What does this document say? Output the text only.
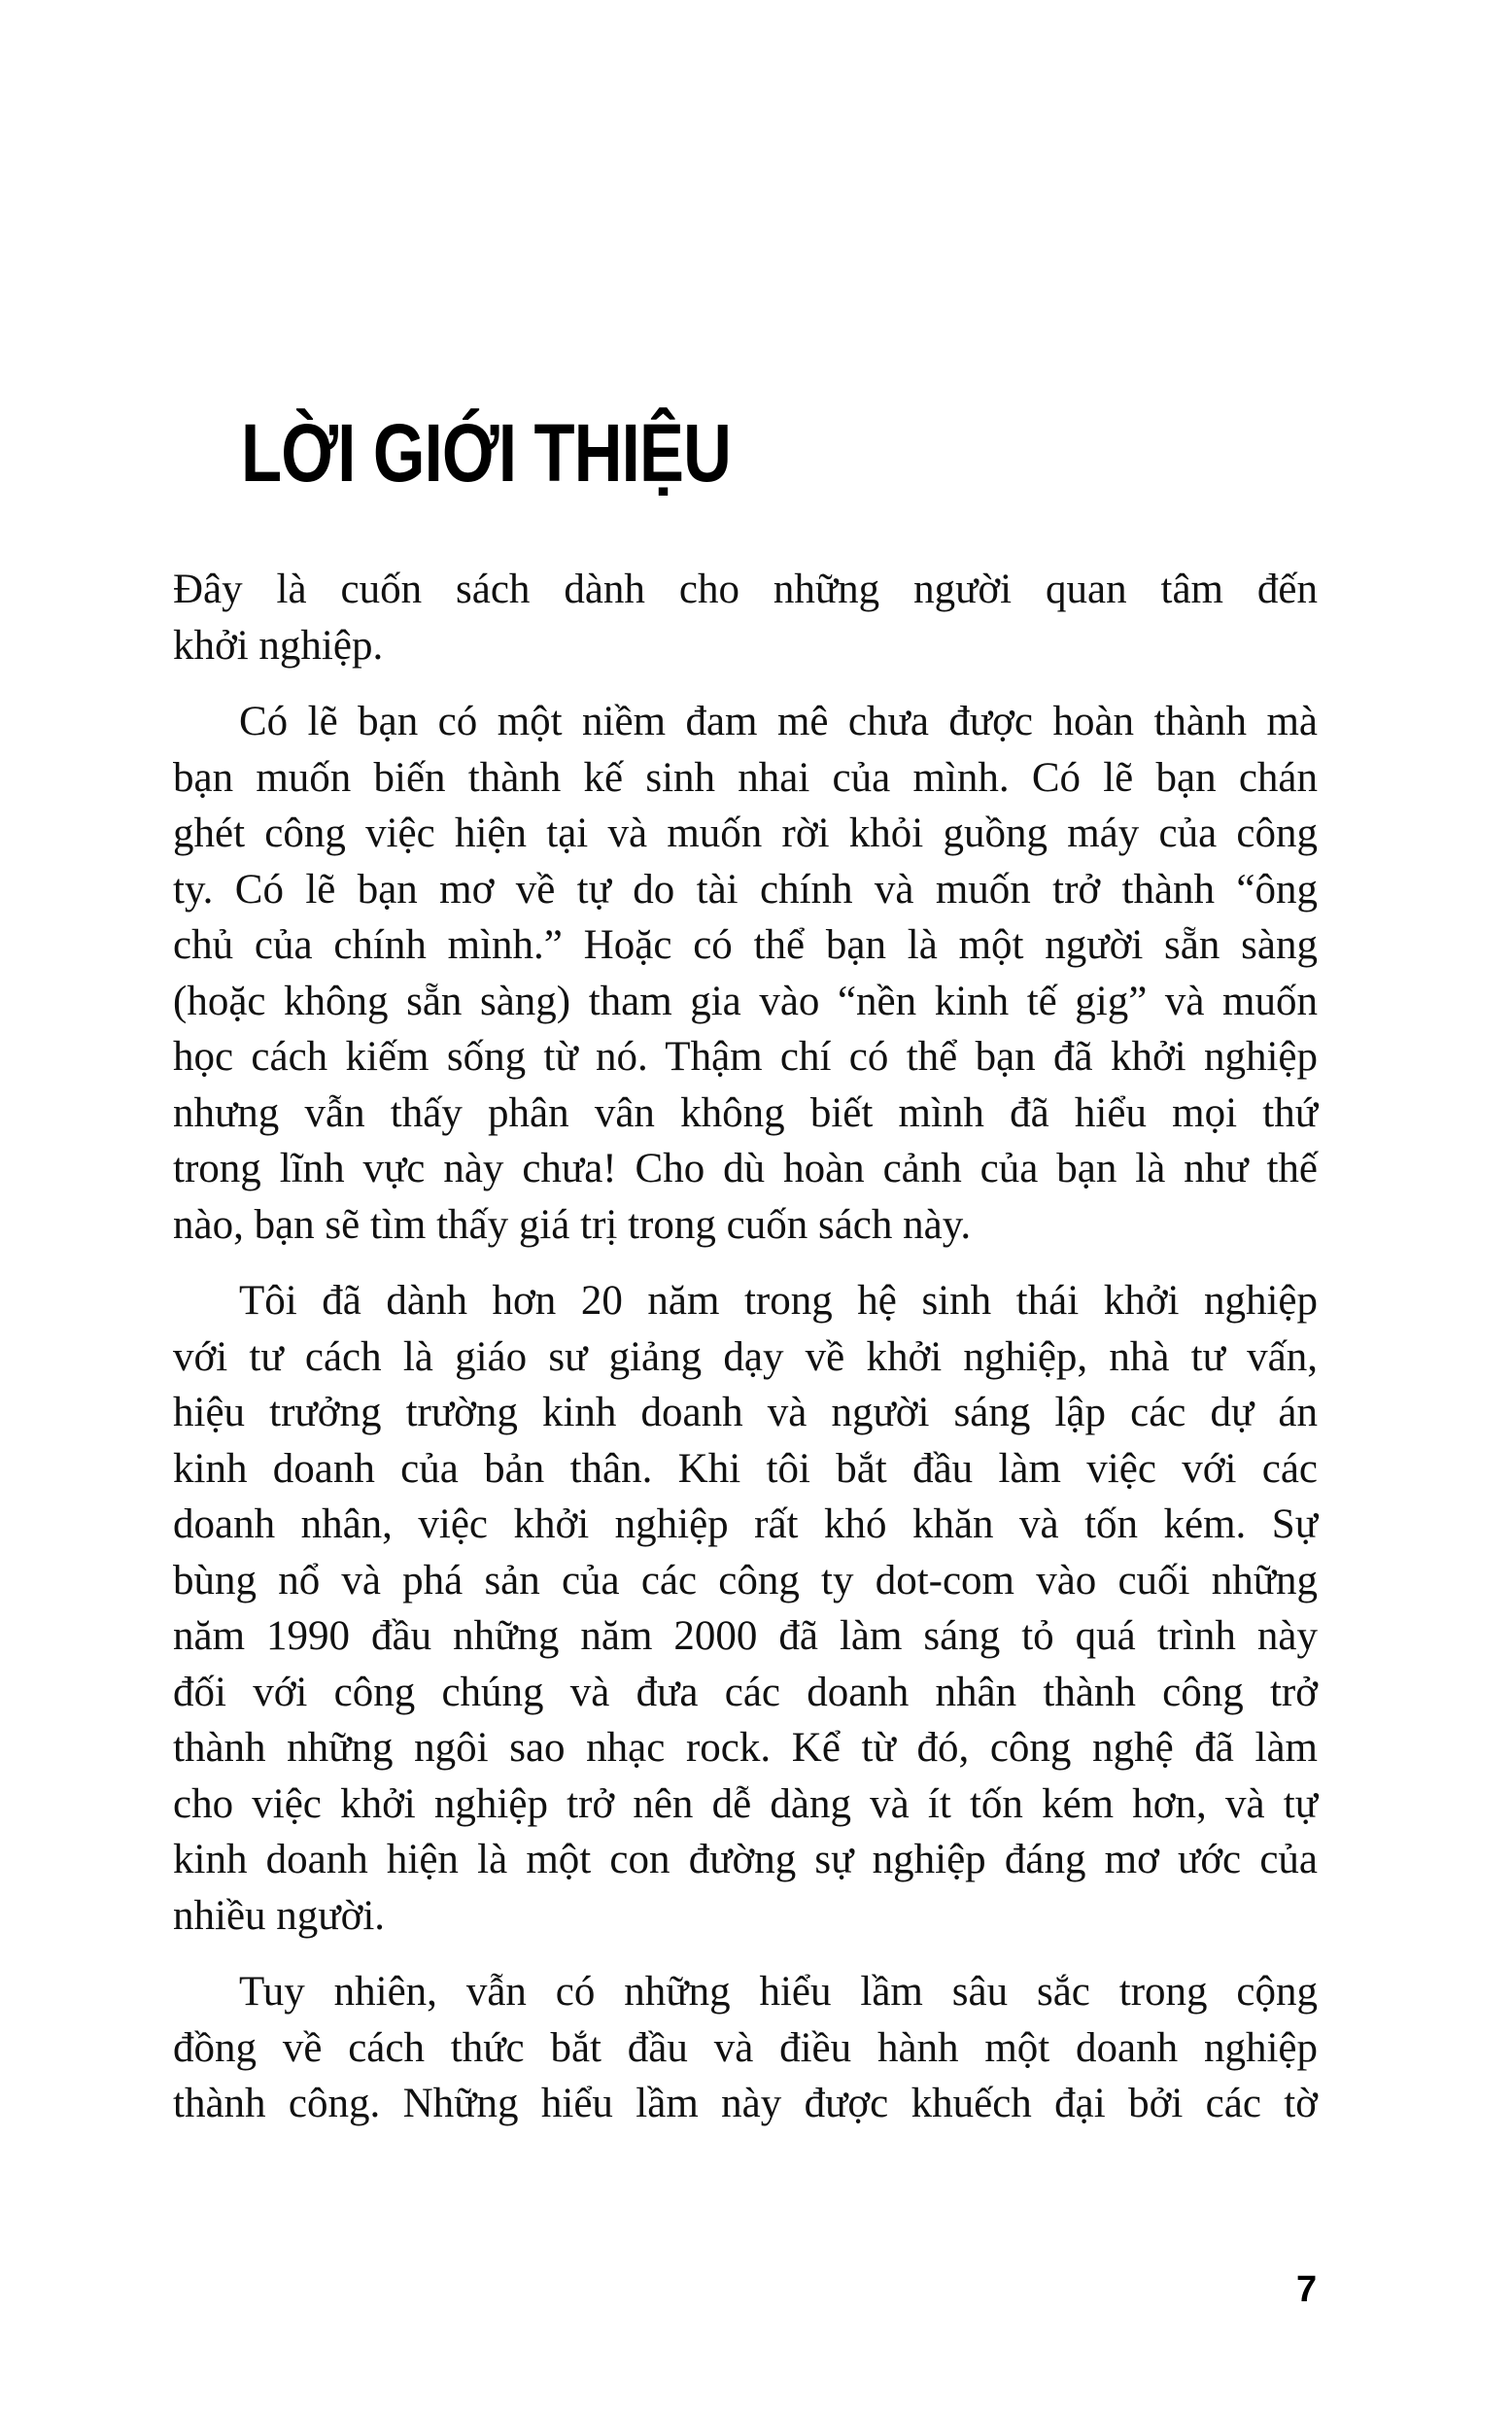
LỜI GIỚI THIỆU
Đây là cuốn sách dành cho những người quan tâm đến
khởi nghiệp.
Có lẽ bạn có một niềm đam mê chưa được hoàn thành mà
bạn muốn biến thành kế sinh nhai của mình. Có lẽ bạn chán
ghét công việc hiện tại và muốn rời khỏi guồng máy của công
ty. Có lẽ bạn mơ về tự do tài chính và muốn trở thành “ông
chủ của chính mình.” Hoặc có thể bạn là một người sẵn sàng
(hoặc không sẵn sàng) tham gia vào “nền kinh tế gig” và muốn
học cách kiếm sống từ nó. Thậm chí có thể bạn đã khởi nghiệp
nhưng vẫn thấy phân vân không biết mình đã hiểu mọi thứ
trong lĩnh vực này chưa! Cho dù hoàn cảnh của bạn là như thế
nào, bạn sẽ tìm thấy giá trị trong cuốn sách này.
Tôi đã dành hơn 20 năm trong hệ sinh thái khởi nghiệp
với tư cách là giáo sư giảng dạy về khởi nghiệp, nhà tư vấn,
hiệu trưởng trường kinh doanh và người sáng lập các dự án
kinh doanh của bản thân. Khi tôi bắt đầu làm việc với các
doanh nhân, việc khởi nghiệp rất khó khăn và tốn kém. Sự
bùng nổ và phá sản của các công ty dot-com vào cuối những
năm 1990 đầu những năm 2000 đã làm sáng tỏ quá trình này
đối với công chúng và đưa các doanh nhân thành công trở
thành những ngôi sao nhạc rock. Kể từ đó, công nghệ đã làm
cho việc khởi nghiệp trở nên dễ dàng và ít tốn kém hơn, và tự
kinh doanh hiện là một con đường sự nghiệp đáng mơ ước của
nhiều người.
Tuy nhiên, vẫn có những hiểu lầm sâu sắc trong cộng
đồng về cách thức bắt đầu và điều hành một doanh nghiệp
thành công. Những hiểu lầm này được khuếch đại bởi các tờ
7
